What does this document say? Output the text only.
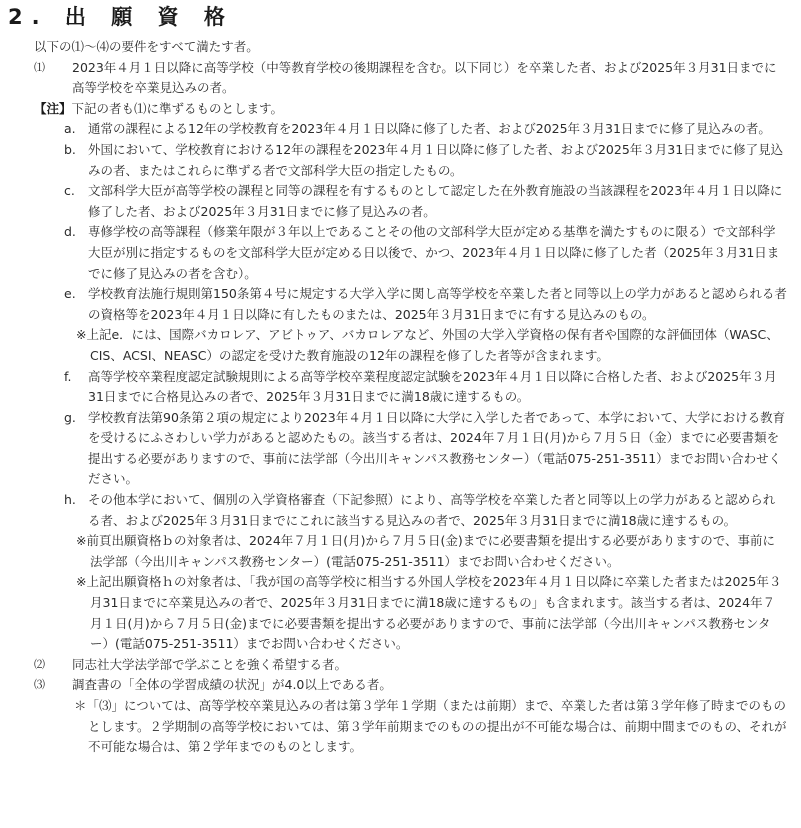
2. 出 願 資 格
以下の⑴～⑷の要件をすべて満たす者。
⑴	2023年４月１日以降に高等学校（中等教育学校の後期課程を含む。以下同じ）を卒業した者、および2025年３月31日までに高等学校を卒業見込みの者。
【注】下記の者も⑴に準ずるものとします。
a. 通常の課程による12年の学校教育を2023年４月１日以降に修了した者、および2025年３月31日までに修了見込みの者。
b. 外国において、学校教育における12年の課程を2023年４月１日以降に修了した者、および2025年３月31日までに修了見込みの者、またはこれらに準ずる者で文部科学大臣の指定したもの。
c.	文部科学大臣が高等学校の課程と同等の課程を有するものとして認定した在外教育施設の当該課程を2023年４月１日以降に修了した者、および2025年３月31日までに修了見込みの者。
d. 専修学校の高等課程（修業年限が３年以上であることその他の文部科学大臣が定める基準を満たすものに限る）で文部科学大臣が別に指定するものを文部科学大臣が定める日以後で、かつ、2023年４月１日以降に修了した者（2025年３月31日までに修了見込みの者を含む）。
e. 学校教育法施行規則第150条第４号に規定する大学入学に関し高等学校を卒業した者と同等以上の学力があると認められる者の資格等を2023年４月１日以降に有したものまたは、2025年３月31日までに有する見込みのもの。
※上記e．には、国際バカロレア、アビトゥア、バカロレアなど、外国の大学入学資格の保有者や国際的な評価団体（WASC、CIS、ACSI、NEASC）の認定を受けた教育施設の12年の課程を修了した者等が含まれます。
f.	高等学校卒業程度認定試験規則による高等学校卒業程度認定試験を2023年４月１日以降に合格した者、および2025年３月31日までに合格見込みの者で、2025年３月31日までに満18歳に達するもの。
g. 学校教育法第90条第２項の規定により2023年４月１日以降に大学に入学した者であって、本学において、大学における教育を受けるにふさわしい学力があると認めたもの。該当する者は、2024年７月１日(月)から７月５日（金）までに必要書類を提出する必要がありますので、事前に法学部（今出川キャンパス教務センター）（電話075-251-3511）までお問い合わせください。
h. その他本学において、個別の入学資格審査（下記参照）により、高等学校を卒業した者と同等以上の学力があると認められる者、および2025年３月31日までにこれに該当する見込みの者で、2025年３月31日までに満18歳に達するもの。
※前頁出願資格ｂの対象者は、2024年７月１日(月)から７月５日(金)までに必要書類を提出する必要がありますので、事前に法学部（今出川キャンパス教務センター）(電話075-251-3511）までお問い合わせください。
※上記出願資格ｈの対象者は、「我が国の高等学校に相当する外国人学校を2023年４月１日以降に卒業した者または2025年３月31日までに卒業見込みの者で、2025年３月31日までに満18歳に達するもの」も含まれます。該当する者は、2024年７月１日(月)から７月５日(金)までに必要書類を提出する必要がありますので、事前に法学部（今出川キャンパス教務センター）(電話075-251-3511）までお問い合わせください。
⑵	同志社大学法学部で学ぶことを強く希望する者。
⑶	調査書の「全体の学習成績の状況」が4.0以上である者。
＊「⑶」については、高等学校卒業見込みの者は第３学年１学期（または前期）まで、卒業した者は第３学年修了時までのものとします。２学期制の高等学校においては、第３学年前期までのものの提出が不可能な場合は、前期中間までのもの、それが不可能な場合は、第２学年までのものとします。
